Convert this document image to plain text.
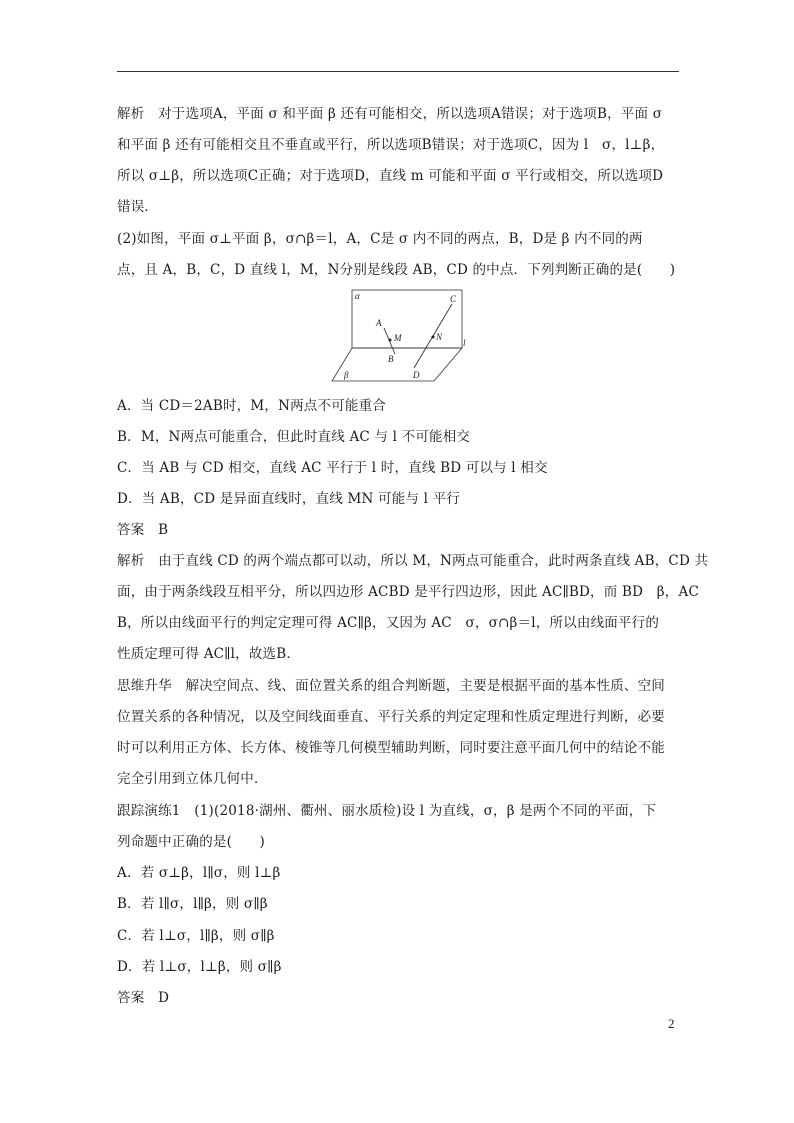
解析　对于选项A，平面 σ 和平面 β 还有可能相交，所以选项A错误；对于选项B，平面 σ
和平面 β 还有可能相交且不垂直或平行，所以选项B错误；对于选项C，因为 l　σ，l⊥β，
所以 σ⊥β，所以选项C正确；对于选项D，直线 m 可能和平面 σ 平行或相交，所以选项D
错误．
(2)如图，平面 σ⊥平面 β，σ∩β＝l，A，C是 σ 内不同的两点，B，D是 β 内不同的两
点，且 A，B，C，D 直线 l，M，N分别是线段 AB，CD 的中点．下列判断正确的是(　　)
α
β
A
B
C
D
M	N
l
A．当 CD＝2AB时，M，N两点不可能重合
B．M，N两点可能重合，但此时直线 AC 与 l 不可能相交
C．当 AB 与 CD 相交，直线 AC 平行于 l 时，直线 BD 可以与 l 相交
D．当 AB，CD 是异面直线时，直线 MN 可能与 l 平行
答案　B
解析　由于直线 CD 的两个端点都可以动，所以 M，N两点可能重合，此时两条直线 AB，CD 共
面，由于两条线段互相平分，所以四边形 ACBD 是平行四边形，因此 AC∥BD，而 BD　β，AC
B，所以由线面平行的判定定理可得 AC∥β，又因为 AC　σ，σ∩β＝l，所以由线面平行的
性质定理可得 AC∥l，故选B．
思维升华　解决空间点、线、面位置关系的组合判断题，主要是根据平面的基本性质、空间
位置关系的各种情况，以及空间线面垂直、平行关系的判定定理和性质定理进行判断，必要
时可以利用正方体、长方体、棱锥等几何模型辅助判断，同时要注意平面几何中的结论不能
完全引用到立体几何中．
跟踪演练1　(1)(2018·湖州、衢州、丽水质检)设 l 为直线，σ，β 是两个不同的平面，下
列命题中正确的是(　　)
A．若 σ⊥β，l∥σ，则 l⊥β
B．若 l∥σ，l∥β，则 σ∥β
C．若 l⊥σ，l∥β，则 σ∥β
D．若 l⊥σ，l⊥β，则 σ∥β
答案　D
2
